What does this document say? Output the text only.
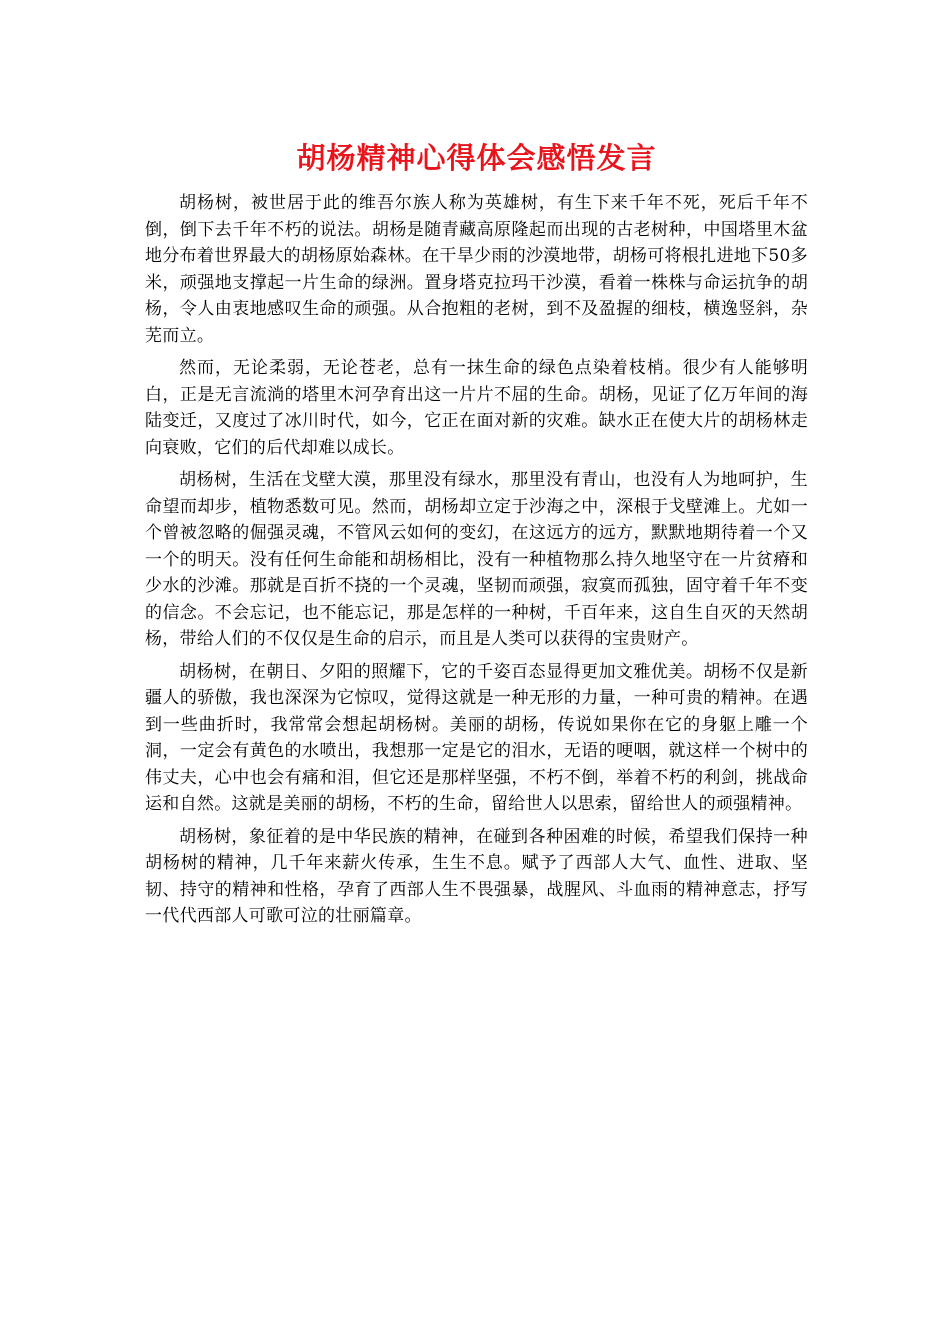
胡杨精神心得体会感悟发言

胡杨树，被世居于此的维吾尔族人称为英雄树，有生下来千年不死，死后千年不倒，倒下去千年不朽的说法。胡杨是随青藏高原隆起而出现的古老树种，中国塔里木盆地分布着世界最大的胡杨原始森林。在干旱少雨的沙漠地带，胡杨可将根扎进地下50多米，顽强地支撑起一片生命的绿洲。置身塔克拉玛干沙漠，看着一株株与命运抗争的胡杨，令人由衷地感叹生命的顽强。从合抱粗的老树，到不及盈握的细枝，横逸竖斜，杂芜而立。

然而，无论柔弱，无论苍老，总有一抹生命的绿色点染着枝梢。很少有人能够明白，正是无言流淌的塔里木河孕育出这一片片不屈的生命。胡杨，见证了亿万年间的海陆变迁，又度过了冰川时代，如今，它正在面对新的灾难。缺水正在使大片的胡杨林走向衰败，它们的后代却难以成长。

胡杨树，生活在戈壁大漠，那里没有绿水，那里没有青山，也没有人为地呵护，生命望而却步，植物悉数可见。然而，胡杨却立定于沙海之中，深根于戈壁滩上。尤如一个曾被忽略的倔强灵魂，不管风云如何的变幻，在这远方的远方，默默地期待着一个又一个的明天。没有任何生命能和胡杨相比，没有一种植物那么持久地坚守在一片贫瘠和少水的沙滩。那就是百折不挠的一个灵魂，坚韧而顽强，寂寞而孤独，固守着千年不变的信念。不会忘记，也不能忘记，那是怎样的一种树，千百年来，这自生自灭的天然胡杨，带给人们的不仅仅是生命的启示，而且是人类可以获得的宝贵财产。

胡杨树，在朝日、夕阳的照耀下，它的千姿百态显得更加文雅优美。胡杨不仅是新疆人的骄傲，我也深深为它惊叹，觉得这就是一种无形的力量，一种可贵的精神。在遇到一些曲折时，我常常会想起胡杨树。美丽的胡杨，传说如果你在它的身躯上雕一个洞，一定会有黄色的水喷出，我想那一定是它的泪水，无语的哽咽，就这样一个树中的伟丈夫，心中也会有痛和泪，但它还是那样坚强，不朽不倒，举着不朽的利剑，挑战命运和自然。这就是美丽的胡杨，不朽的生命，留给世人以思索，留给世人的顽强精神。

胡杨树，象征着的是中华民族的精神，在碰到各种困难的时候，希望我们保持一种胡杨树的精神，几千年来薪火传承，生生不息。赋予了西部人大气、血性、进取、坚韧、持守的精神和性格，孕育了西部人生不畏强暴，战腥风、斗血雨的精神意志，抒写一代代西部人可歌可泣的壮丽篇章。
